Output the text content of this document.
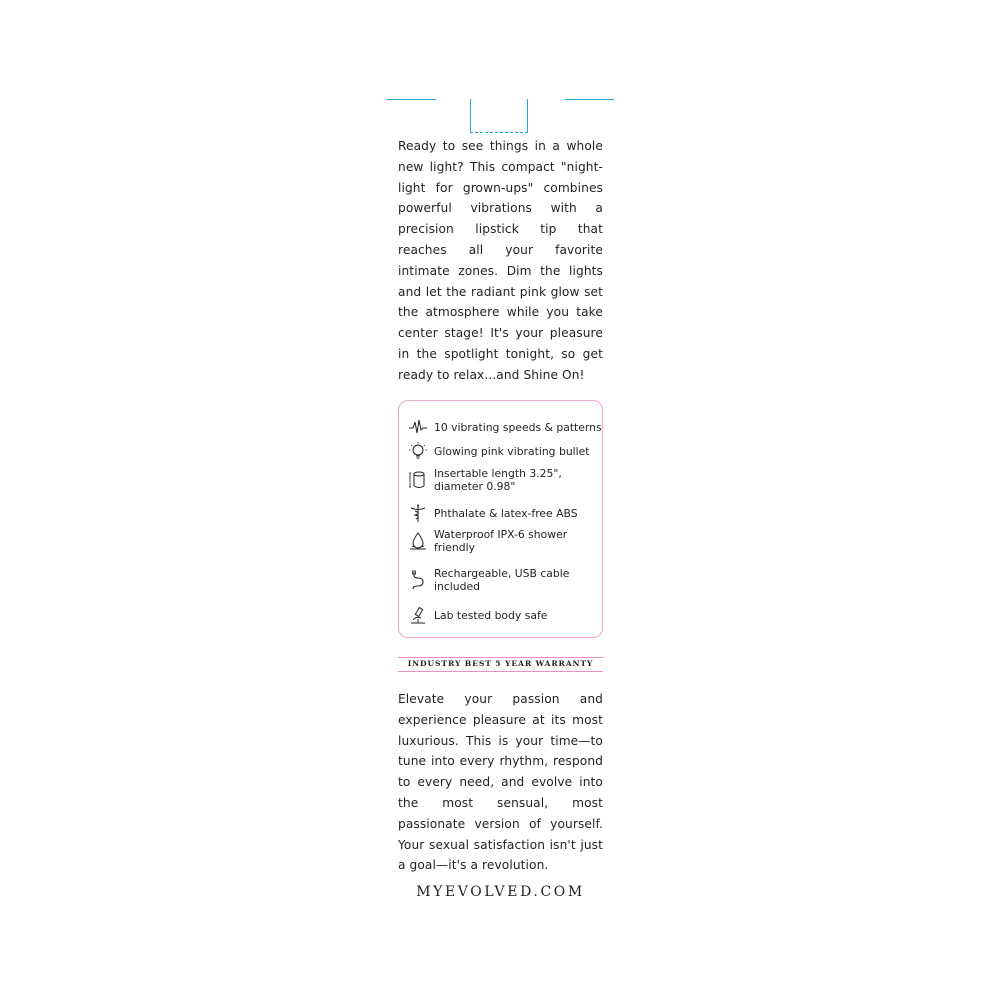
Ready to see things in a whole new light? This compact "night-light for grown-ups" combines powerful vibrations with a precision lipstick tip that reaches all your favorite intimate zones. Dim the lights and let the radiant pink glow set the atmosphere while you take center stage! It's your pleasure in the spotlight tonight, so get ready to relax...and Shine On!
10 vibrating speeds & patterns
Glowing pink vibrating bullet
Insertable length 3.25", diameter 0.98"
Phthalate & latex-free ABS
Waterproof IPX-6 shower friendly
Rechargeable, USB cable included
Lab tested body safe
INDUSTRY BEST 5 YEAR WARRANTY
Elevate your passion and experience pleasure at its most luxurious. This is your time—to tune into every rhythm, respond to every need, and evolve into the most sensual, most passionate version of yourself. Your sexual satisfaction isn't just a goal—it's a revolution.
MYEVOLVED.COM
